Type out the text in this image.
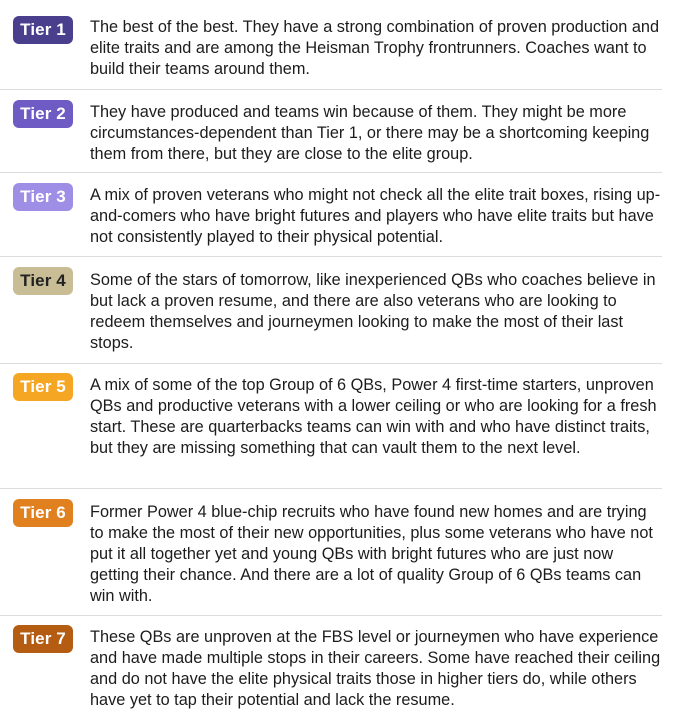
Tier 1	The best of the best. They have a strong combination of proven production and elite traits and are among the Heisman Trophy frontrunners. Coaches want to build their teams around them.

Tier 2	They have produced and teams win because of them. They might be more circumstances-dependent than Tier 1, or there may be a shortcoming keeping them from there, but they are close to the elite group.

Tier 3	A mix of proven veterans who might not check all the elite trait boxes, rising up-and-comers who have bright futures and players who have elite traits but have not consistently played to their physical potential.

Tier 4	Some of the stars of tomorrow, like inexperienced QBs who coaches believe in but lack a proven resume, and there are also veterans who are looking to redeem themselves and journeymen looking to make the most of their last stops.

Tier 5	A mix of some of the top Group of 6 QBs, Power 4 first-time starters, unproven QBs and productive veterans with a lower ceiling or who are looking for a fresh start. These are quarterbacks teams can win with and who have distinct traits, but they are missing something that can vault them to the next level.

Tier 6	Former Power 4 blue-chip recruits who have found new homes and are trying to make the most of their new opportunities, plus some veterans who have not put it all together yet and young QBs with bright futures who are just now getting their chance. And there are a lot of quality Group of 6 QBs teams can win with.

Tier 7	These QBs are unproven at the FBS level or journeymen who have experience and have made multiple stops in their careers. Some have reached their ceiling and do not have the elite physical traits those in higher tiers do, while others have yet to tap their potential and lack the resume.
